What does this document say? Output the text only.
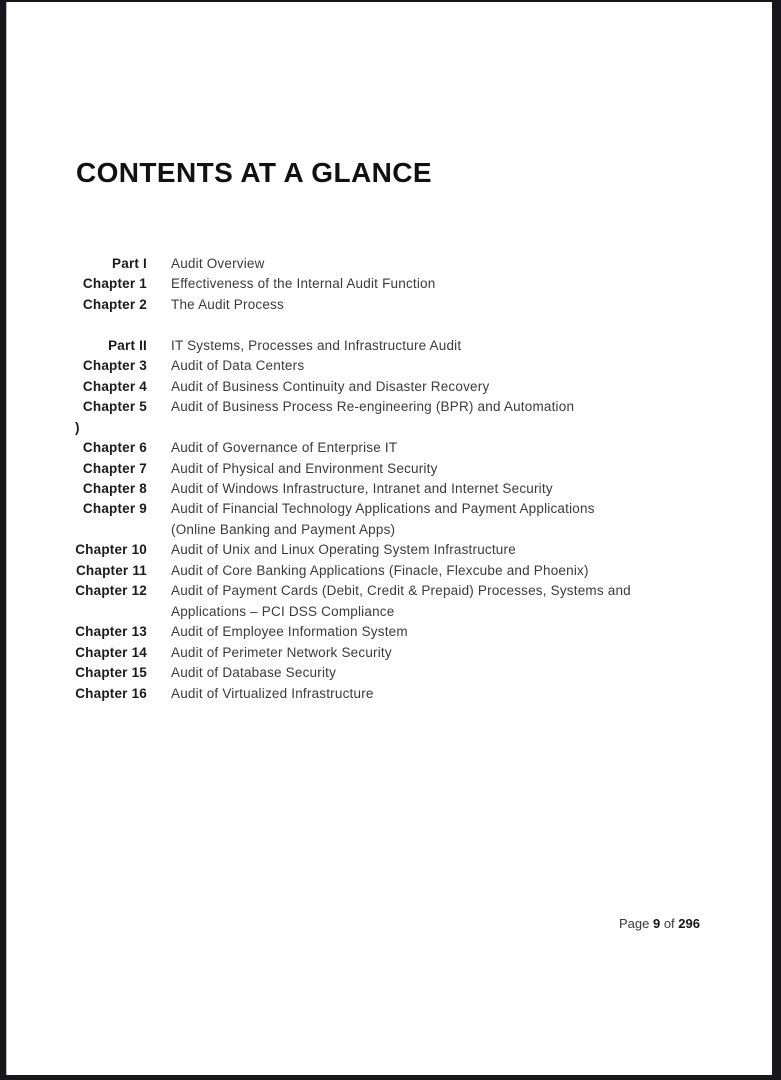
CONTENTS AT A GLANCE
Part I Audit Overview
Chapter 1 Effectiveness of the Internal Audit Function
Chapter 2 The Audit Process
Part II IT Systems, Processes and Infrastructure Audit
Chapter 3 Audit of Data Centers
Chapter 4 Audit of Business Continuity and Disaster Recovery
Chapter 5 Audit of Business Process Re-engineering (BPR) and Automation
)
Chapter 6 Audit of Governance of Enterprise IT
Chapter 7 Audit of Physical and Environment Security
Chapter 8 Audit of Windows Infrastructure, Intranet and Internet Security
Chapter 9 Audit of Financial Technology Applications and Payment Applications
(Online Banking and Payment Apps)
Chapter 10 Audit of Unix and Linux Operating System Infrastructure
Chapter 11 Audit of Core Banking Applications (Finacle, Flexcube and Phoenix)
Chapter 12 Audit of Payment Cards (Debit, Credit & Prepaid) Processes, Systems and
Applications – PCI DSS Compliance
Chapter 13 Audit of Employee Information System
Chapter 14 Audit of Perimeter Network Security
Chapter 15 Audit of Database Security
Chapter 16 Audit of Virtualized Infrastructure
Page 9 of 296
